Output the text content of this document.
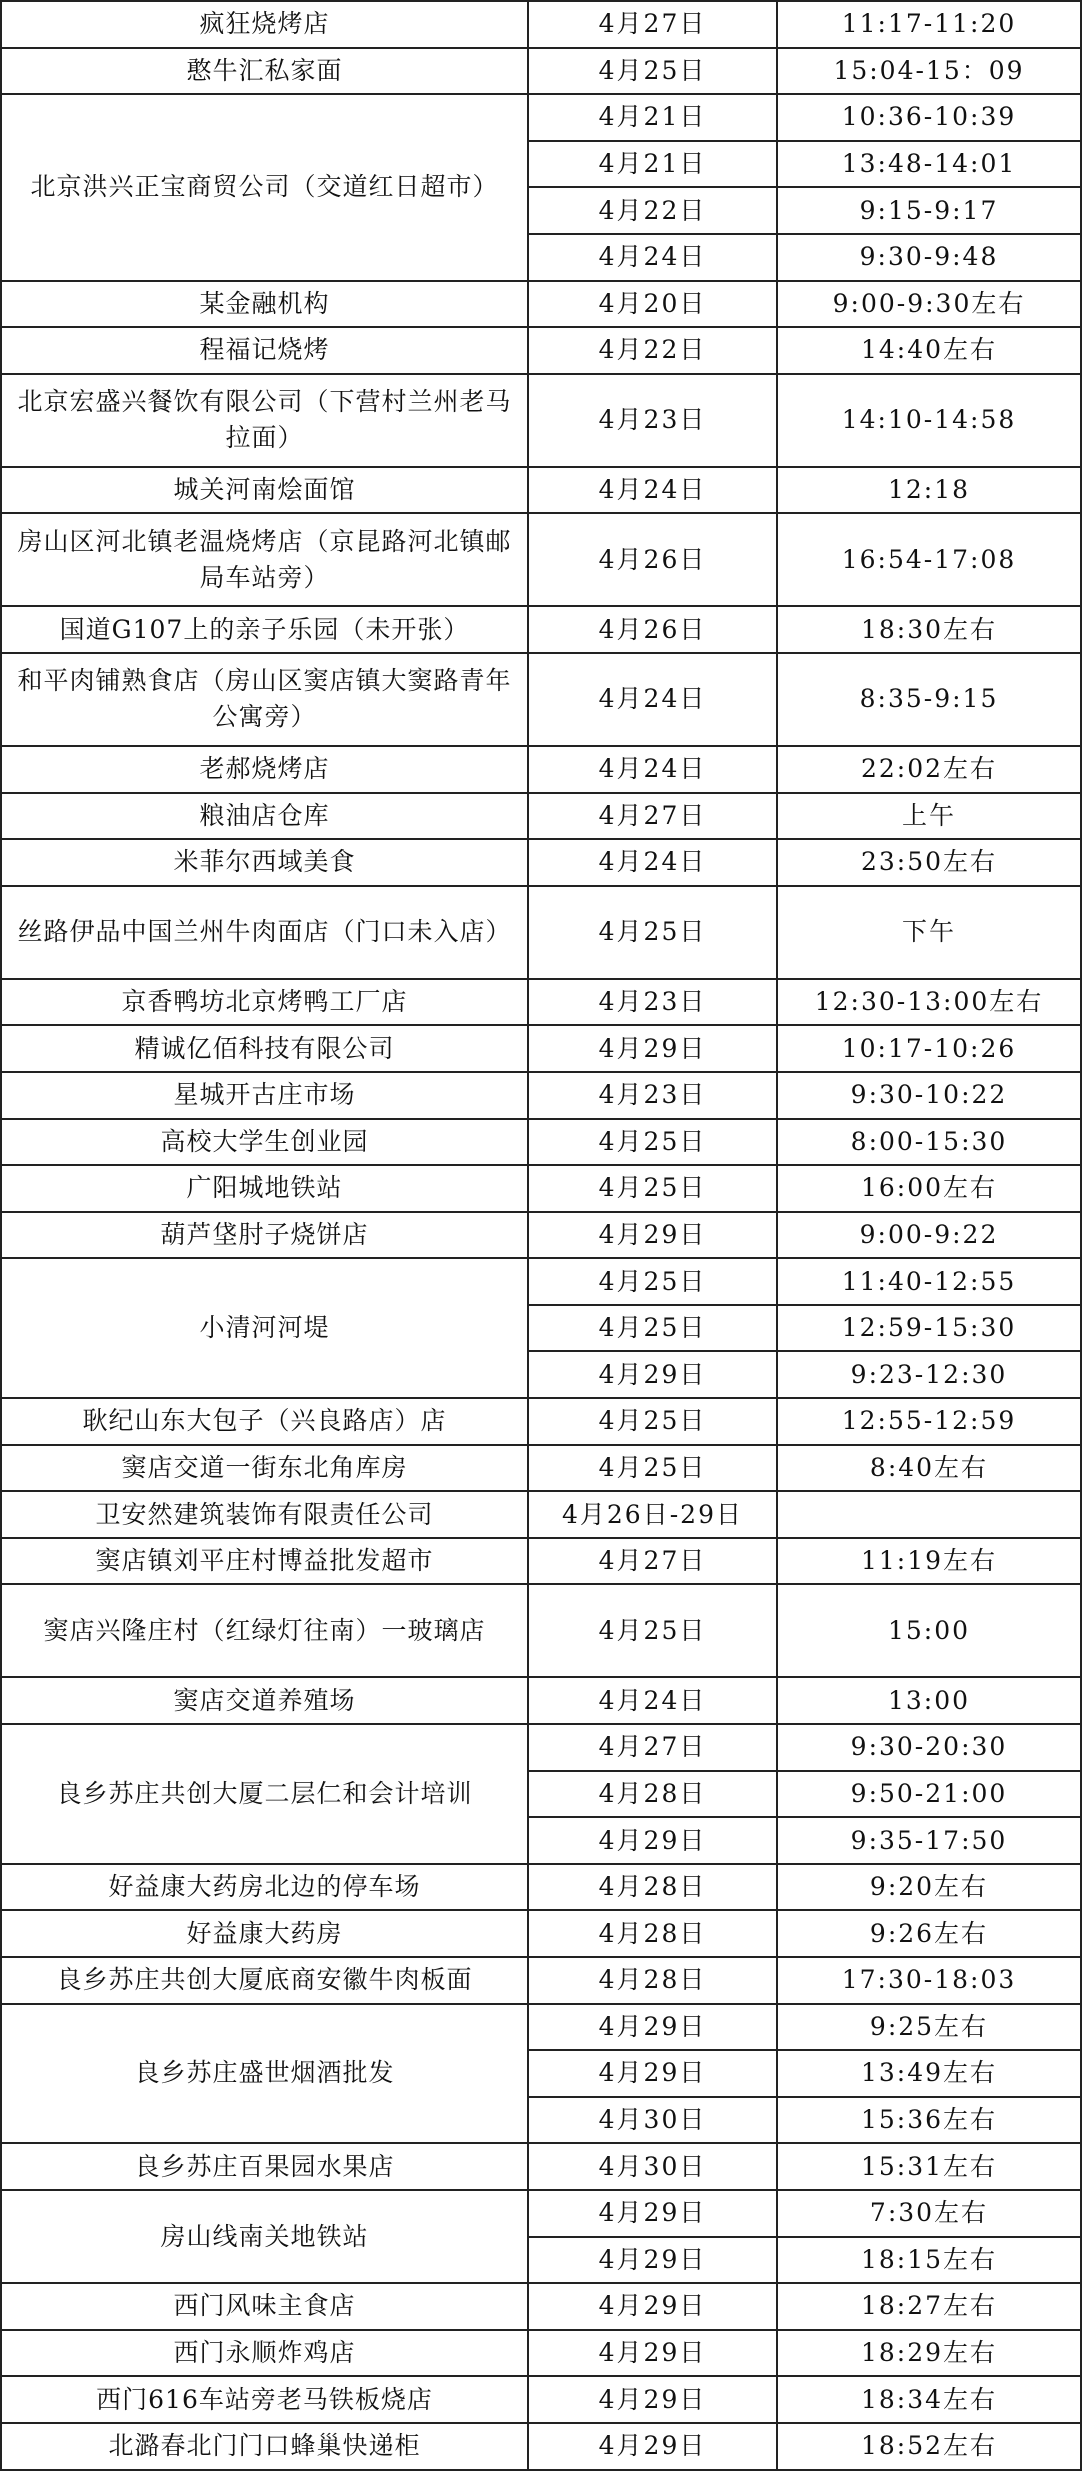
疯狂烧烤店	4月27日	11:17-11:20
憨牛汇私家面	4月25日	15:04-15：09
北京洪兴正宝商贸公司（交道红日超市）	4月21日	10:36-10:39
	4月21日	13:48-14:01
	4月22日	9:15-9:17
	4月24日	9:30-9:48
某金融机构	4月20日	9:00-9:30左右
程福记烧烤	4月22日	14:40左右
北京宏盛兴餐饮有限公司（下营村兰州老马拉面）	4月23日	14:10-14:58
城关河南烩面馆	4月24日	12:18
房山区河北镇老温烧烤店（京昆路河北镇邮局车站旁）	4月26日	16:54-17:08
国道G107上的亲子乐园（未开张）	4月26日	18:30左右
和平肉铺熟食店（房山区窦店镇大窦路青年公寓旁）	4月24日	8:35-9:15
老郝烧烤店	4月24日	22:02左右
粮油店仓库	4月27日	上午
米菲尔西域美食	4月24日	23:50左右
丝路伊品中国兰州牛肉面店（门口未入店）	4月25日	下午
京香鸭坊北京烤鸭工厂店	4月23日	12:30-13:00左右
精诚亿佰科技有限公司	4月29日	10:17-10:26
星城开古庄市场	4月23日	9:30-10:22
高校大学生创业园	4月25日	8:00-15:30
广阳城地铁站	4月25日	16:00左右
葫芦垡肘子烧饼店	4月29日	9:00-9:22
小清河河堤	4月25日	11:40-12:55
	4月25日	12:59-15:30
	4月29日	9:23-12:30
耿纪山东大包子（兴良路店）店	4月25日	12:55-12:59
窦店交道一街东北角库房	4月25日	8:40左右
卫安然建筑装饰有限责任公司	4月26日-29日	
窦店镇刘平庄村博益批发超市	4月27日	11:19左右
窦店兴隆庄村（红绿灯往南）一玻璃店	4月25日	15:00
窦店交道养殖场	4月24日	13:00
良乡苏庄共创大厦二层仁和会计培训	4月27日	9:30-20:30
	4月28日	9:50-21:00
	4月29日	9:35-17:50
好益康大药房北边的停车场	4月28日	9:20左右
好益康大药房	4月28日	9:26左右
良乡苏庄共创大厦底商安徽牛肉板面	4月28日	17:30-18:03
良乡苏庄盛世烟酒批发	4月29日	9:25左右
	4月29日	13:49左右
	4月30日	15:36左右
良乡苏庄百果园水果店	4月30日	15:31左右
房山线南关地铁站	4月29日	7:30左右
	4月29日	18:15左右
西门风味主食店	4月29日	18:27左右
西门永顺炸鸡店	4月29日	18:29左右
西门616车站旁老马铁板烧店	4月29日	18:34左右
北潞春北门门口蜂巢快递柜	4月29日	18:52左右
